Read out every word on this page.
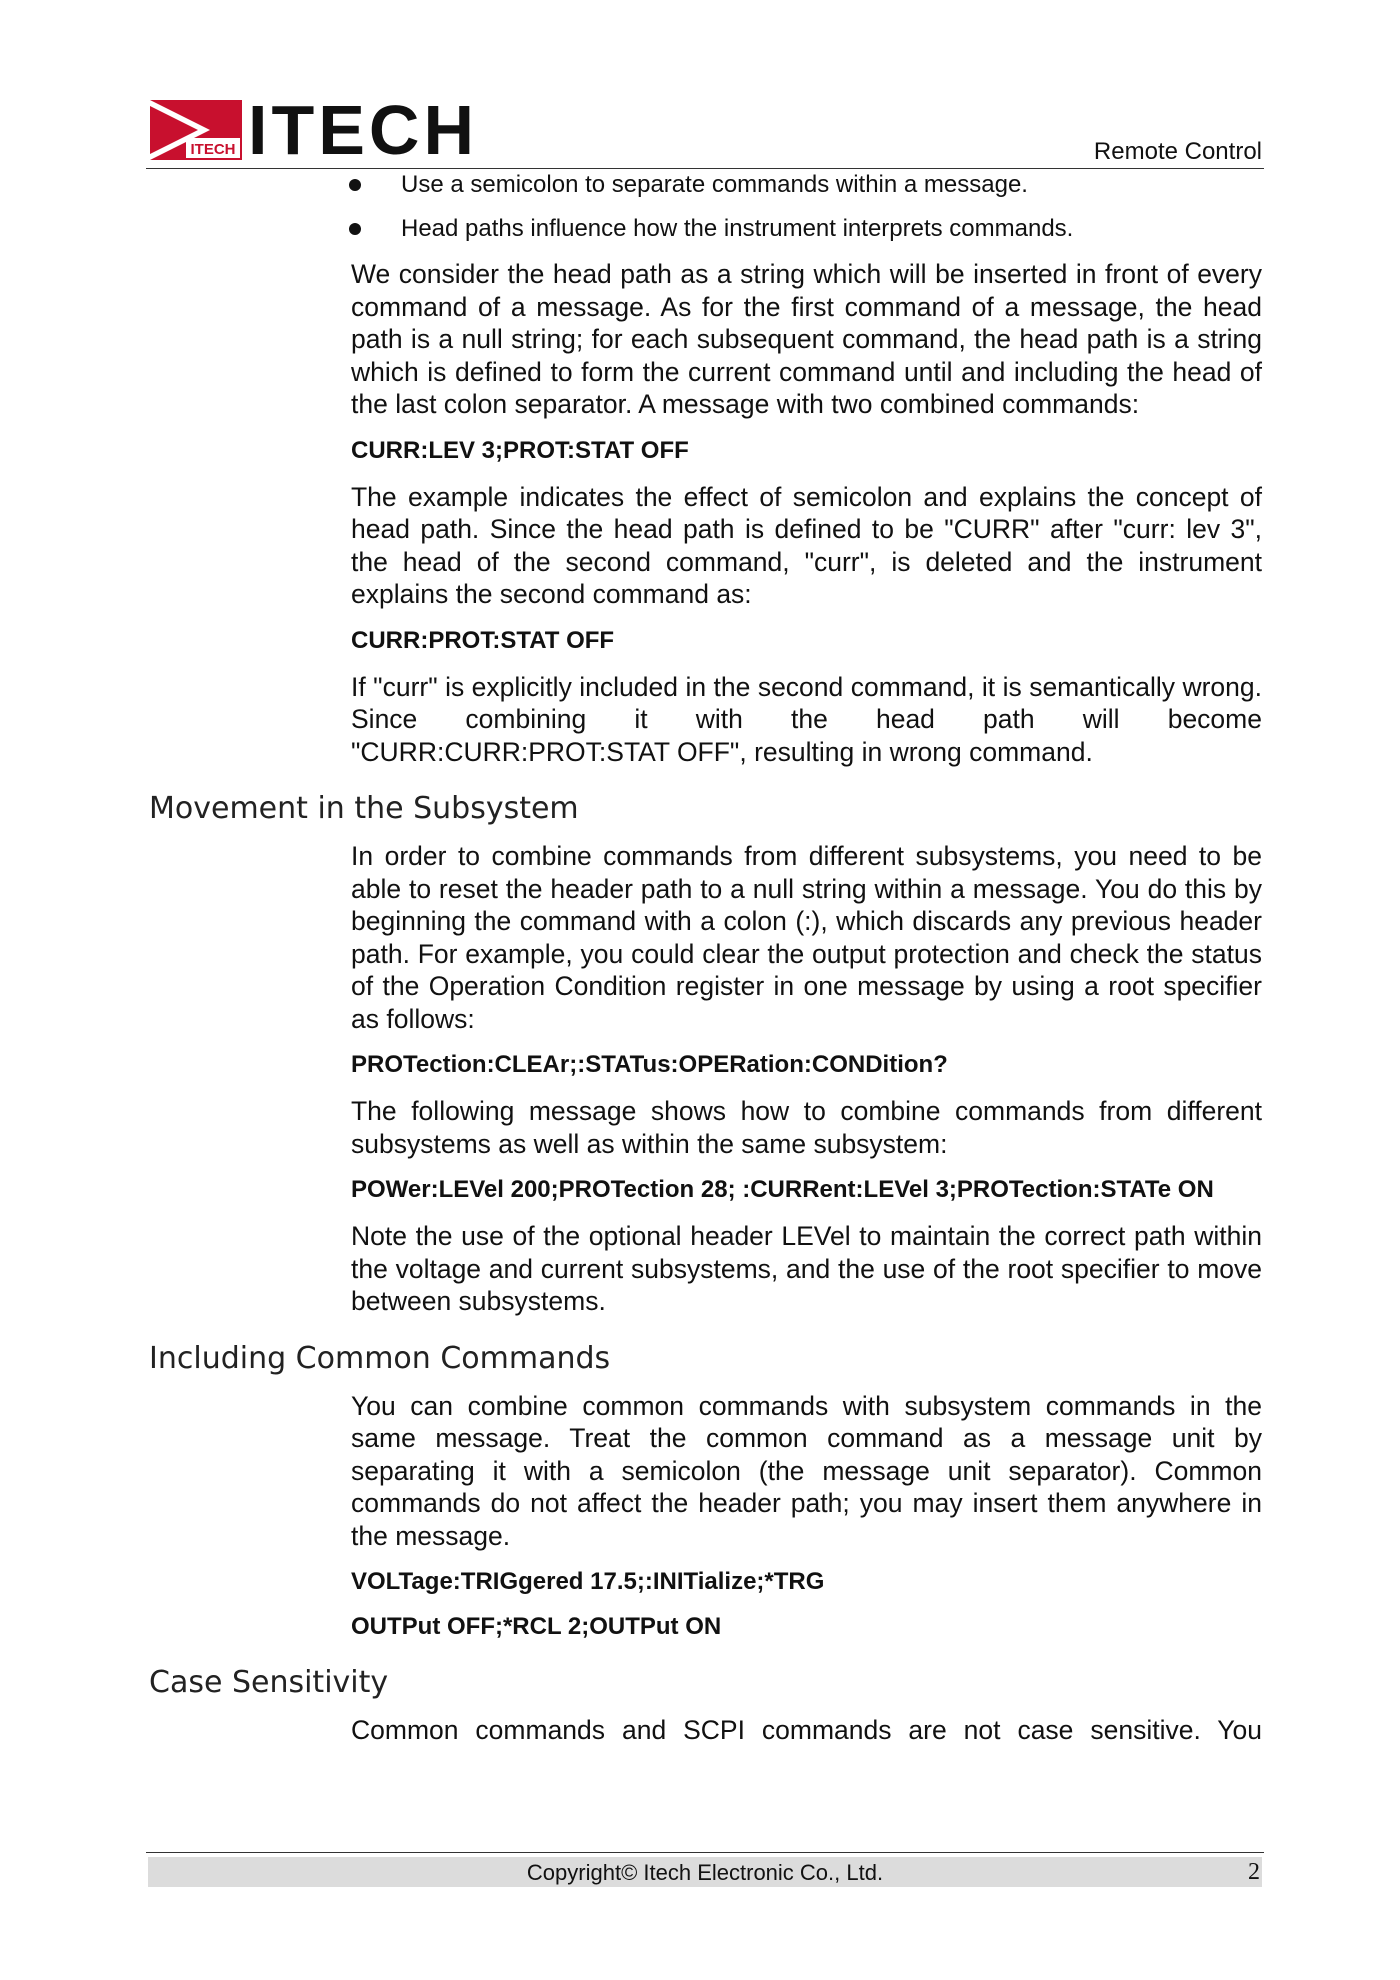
ITECH ITECH	Remote Control
Use a semicolon to separate commands within a message.
Head paths influence how the instrument interprets commands.

We consider the head path as a string which will be inserted in front of every command of a message. As for the first command of a message, the head path is a null string; for each subsequent command, the head path is a string which is defined to form the current command until and including the head of the last colon separator. A message with two combined commands:

CURR:LEV 3;PROT:STAT OFF

The example indicates the effect of semicolon and explains the concept of head path. Since the head path is defined to be "CURR" after "curr: lev 3", the head of the second command, "curr", is deleted and the instrument explains the second command as:

CURR:PROT:STAT OFF

If "curr" is explicitly included in the second command, it is semantically wrong. Since combining it with the head path will become "CURR:CURR:PROT:STAT OFF", resulting in wrong command.

Movement in the Subsystem

In order to combine commands from different subsystems, you need to be able to reset the header path to a null string within a message. You do this by beginning the command with a colon (:), which discards any previous header path. For example, you could clear the output protection and check the status of the Operation Condition register in one message by using a root specifier as follows:

PROTection:CLEAr;:STATus:OPERation:CONDition?

The following message shows how to combine commands from different subsystems as well as within the same subsystem:

POWer:LEVel 200;PROTection 28; :CURRent:LEVel 3;PROTection:STATe ON

Note the use of the optional header LEVel to maintain the correct path within the voltage and current subsystems, and the use of the root specifier to move between subsystems.

Including Common Commands

You can combine common commands with subsystem commands in the same message. Treat the common command as a message unit by separating it with a semicolon (the message unit separator). Common commands do not affect the header path; you may insert them anywhere in the message.

VOLTage:TRIGgered 17.5;:INITialize;*TRG

OUTPut OFF;*RCL 2;OUTPut ON

Case Sensitivity

Common commands and SCPI commands are not case sensitive. You

Copyright© Itech Electronic Co., Ltd.	2
